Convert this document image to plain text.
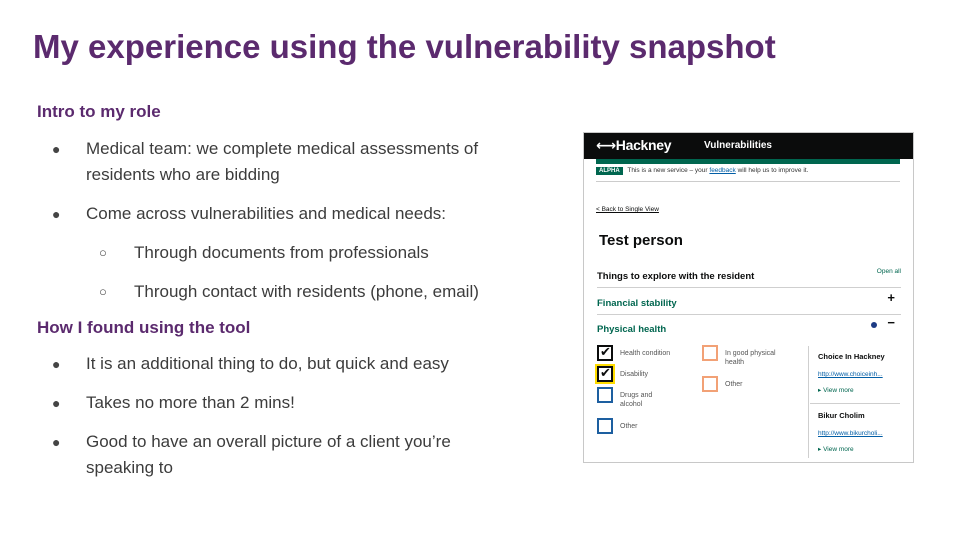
My experience using the vulnerability snapshot
Intro to my role
●	Medical team: we complete medical assessments of residents who are bidding
●	Come across vulnerabilities and medical needs:
○	Through documents from professionals
○	Through contact with residents (phone, email)
How I found using the tool
●	It is an additional thing to do, but quick and easy
●	Takes no more than 2 mins!
●	Good to have an overall picture of a client you’re speaking to
⟷Hackney	Vulnerabilities
ALPHA This is a new service – your feedback will help us to improve it.
< Back to Single View
Test person
Things to explore with the resident	Open all
Financial stability	+
Physical health	−
✔ Health condition
✔ Disability
Drugs and alcohol
Other
In good physical health
Other
Choice In Hackney
http://www.choiceinh...
▸ View more
Bikur Cholim
http://www.bikurcholi...
▸ View more
